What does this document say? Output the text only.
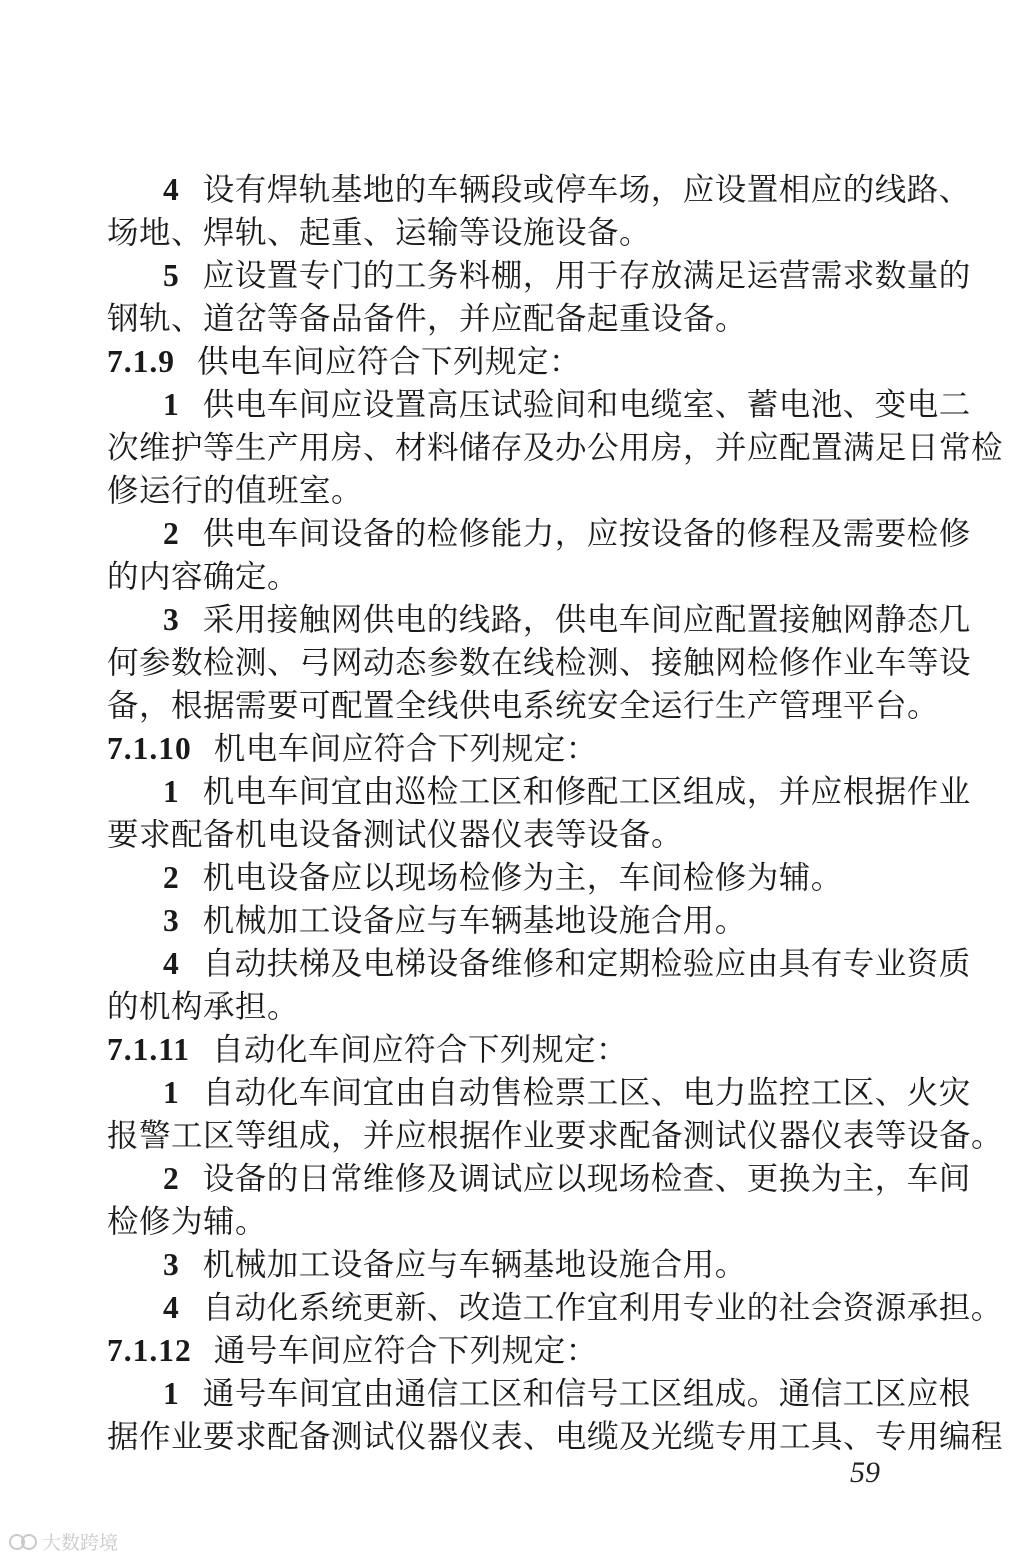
4 设有焊轨基地的车辆段或停车场，应设置相应的线路、
场地、焊轨、起重、运输等设施设备。
5 应设置专门的工务料棚，用于存放满足运营需求数量的
钢轨、道岔等备品备件，并应配备起重设备。
7.1.9 供电车间应符合下列规定：
1 供电车间应设置高压试验间和电缆室、蓄电池、变电二
次维护等生产用房、材料储存及办公用房，并应配置满足日常检
修运行的值班室。
2 供电车间设备的检修能力，应按设备的修程及需要检修
的内容确定。
3 采用接触网供电的线路，供电车间应配置接触网静态几
何参数检测、弓网动态参数在线检测、接触网检修作业车等设
备，根据需要可配置全线供电系统安全运行生产管理平台。
7.1.10 机电车间应符合下列规定：
1 机电车间宜由巡检工区和修配工区组成，并应根据作业
要求配备机电设备测试仪器仪表等设备。
2 机电设备应以现场检修为主，车间检修为辅。
3 机械加工设备应与车辆基地设施合用。
4 自动扶梯及电梯设备维修和定期检验应由具有专业资质
的机构承担。
7.1.11 自动化车间应符合下列规定：
1 自动化车间宜由自动售检票工区、电力监控工区、火灾
报警工区等组成，并应根据作业要求配备测试仪器仪表等设备。
2 设备的日常维修及调试应以现场检查、更换为主，车间
检修为辅。
3 机械加工设备应与车辆基地设施合用。
4 自动化系统更新、改造工作宜利用专业的社会资源承担。
7.1.12 通号车间应符合下列规定：
1 通号车间宜由通信工区和信号工区组成。通信工区应根
据作业要求配备测试仪器仪表、电缆及光缆专用工具、专用编程
59
大数跨境
